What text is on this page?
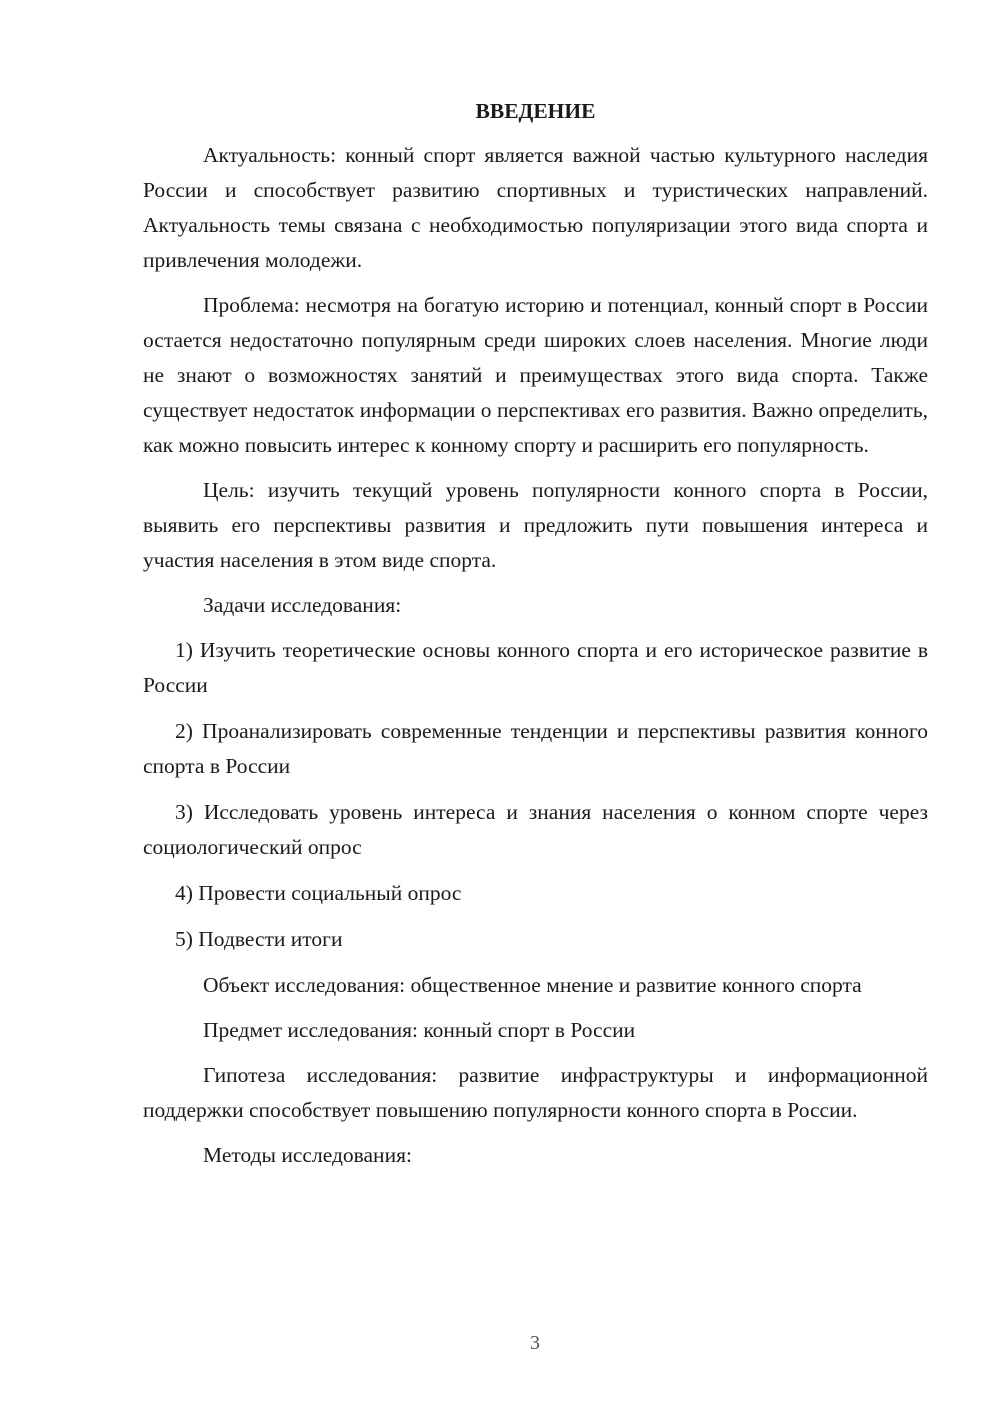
ВВЕДЕНИЕ

Актуальность: конный спорт является важной частью культурного наследия России и способствует развитию спортивных и туристических направлений. Актуальность темы связана с необходимостью популяризации этого вида спорта и привлечения молодежи.

Проблема: несмотря на богатую историю и потенциал, конный спорт в России остается недостаточно популярным среди широких слоев населения. Многие люди не знают о возможностях занятий и преимуществах этого вида спорта. Также существует недостаток информации о перспективах его развития. Важно определить, как можно повысить интерес к конному спорту и расширить его популярность.

Цель: изучить текущий уровень популярности конного спорта в России, выявить его перспективы развития и предложить пути повышения интереса и участия населения в этом виде спорта.

Задачи исследования:

1) Изучить теоретические основы конного спорта и его историческое развитие в России

2) Проанализировать современные тенденции и перспективы развития конного спорта в России

3) Исследовать уровень интереса и знания населения о конном спорте через социологический опрос

4) Провести социальный опрос

5) Подвести итоги

Объект исследования: общественное мнение и развитие конного спорта

Предмет исследования: конный спорт в России

Гипотеза исследования: развитие инфраструктуры и информационной поддержки способствует повышению популярности конного спорта в России.

Методы исследования:

3
